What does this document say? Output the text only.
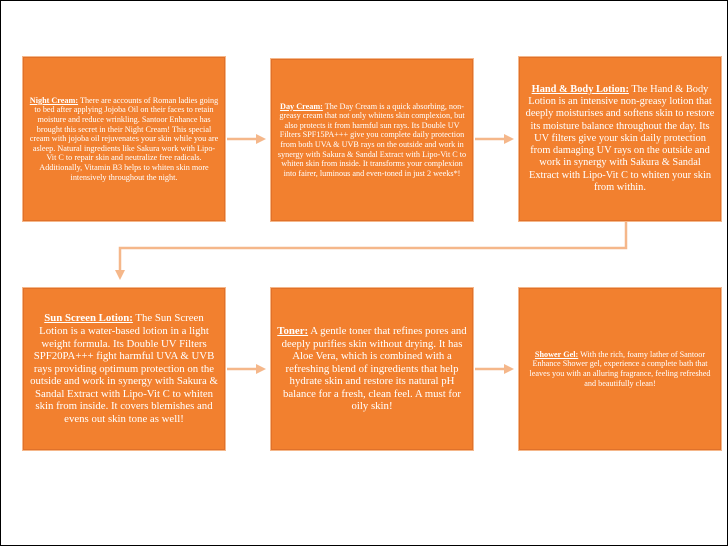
Night Cream: There are accounts of Roman ladies going to bed after applying Jojoba Oil on their faces to retain moisture and reduce wrinkling. Santoor Enhance has brought this secret in their Night Cream! This special cream with jojoba oil rejuvenates your skin while you are asleep. Natural ingredients like Sakura work with Lipo-Vit C to repair skin and neutralize free radicals. Additionally, Vitamin B3 helps to whiten skin more intensively throughout the night.
Day Cream: The Day Cream is a quick absorbing, non-greasy cream that not only whitens skin complexion, but also protects it from harmful sun rays. Its Double UV Filters SPF15PA+++ give you complete daily protection from both UVA & UVB rays on the outside and work in synergy with Sakura & Sandal Extract with Lipo-Vit C to whiten skin from inside. It transforms your complexion into fairer, luminous and even-toned in just 2 weeks*!
Hand & Body Lotion: The Hand & Body Lotion is an intensive non-greasy lotion that deeply moisturises and softens skin to restore its moisture balance throughout the day. Its UV filters give your skin daily protection from damaging UV rays on the outside and work in synergy with Sakura & Sandal Extract with Lipo-Vit C to whiten your skin from within.
Sun Screen Lotion: The Sun Screen Lotion is a water-based lotion in a light weight formula. Its Double UV Filters SPF20PA+++ fight harmful UVA & UVB rays providing optimum protection on the outside and work in synergy with Sakura & Sandal Extract with Lipo-Vit C to whiten skin from inside. It covers blemishes and evens out skin tone as well!
Toner: A gentle toner that refines pores and deeply purifies skin without drying. It has Aloe Vera, which is combined with a refreshing blend of ingredients that help hydrate skin and restore its natural pH balance for a fresh, clean feel. A must for oily skin!
Shower Gel: With the rich, foamy lather of Santoor Enhance Shower gel, experience a complete bath that leaves you with an alluring fragrance, feeling refreshed and beautifully clean!
